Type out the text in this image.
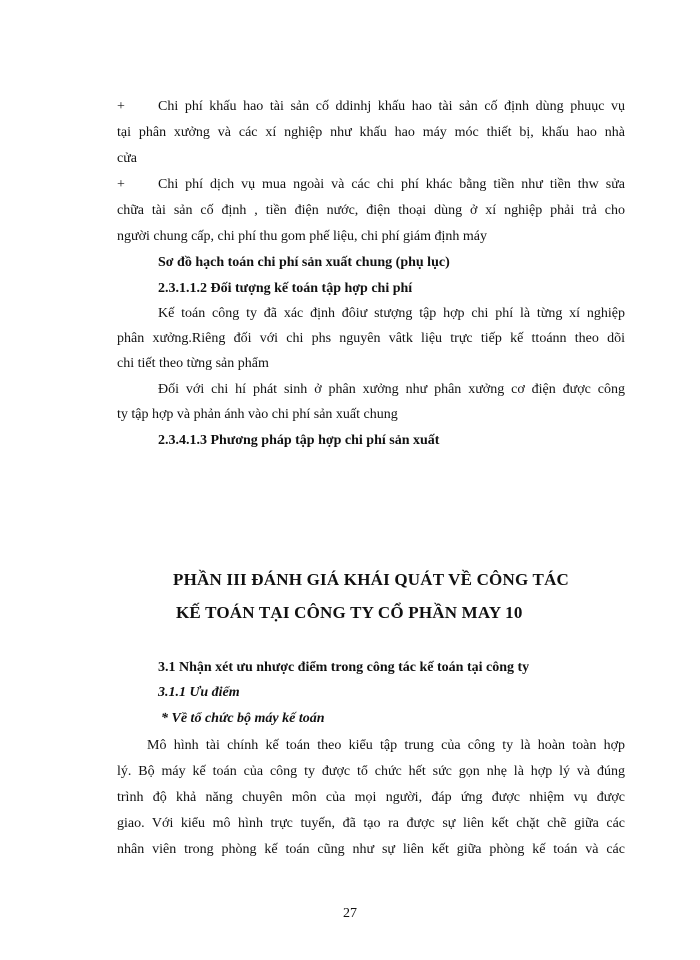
+ Chi phí khấu hao tài sản cố ddinhj khấu hao tài sản cố định dùng phuục vụ
tại phân xưởng và các xí nghiệp như khấu hao máy móc thiết bị, khấu hao nhà
cửa
+ Chi phí dịch vụ mua ngoài và các chi phí khác bằng tiền như tiền thw sửa
chữa tài sản cố định , tiền điện nước, điện thoại dùng ở xí nghiệp phải trả cho
người chung cấp, chi phí thu gom phế liệu, chi phí giám định máy
Sơ đồ hạch toán chi phí sản xuất chung (phụ lục)
2.3.1.1.2 Đối tượng kế toán tập hợp chi phí
Kế toán công ty đã xác định đôiư stượng tập hợp chi phí là từng xí nghiệp
phân xưởng.Riêng đối với chi phs nguyên vâtk liệu trực tiếp kế ttoánn theo dõi
chi tiết theo từng sản phẩm
Đối với chi hí phát sinh ở phân xưởng như phân xưởng cơ điện được công
ty tập hợp và phản ánh vào chi phí sản xuất chung
2.3.4.1.3 Phương pháp tập hợp chi phí sản xuất
PHẦN III ĐÁNH GIÁ KHÁI QUÁT VỀ CÔNG TÁC
KẾ TOÁN TẠI CÔNG TY CỔ PHẦN MAY 10
3.1 Nhận xét ưu nhược điểm trong công tác kế toán tại công ty
3.1.1 Ưu điểm
* Về tổ chức bộ máy kế toán
Mô hình tài chính kế toán theo kiểu tập trung của công ty là hoàn toàn hợp
lý. Bộ máy kế toán của công ty được tổ chức hết sức gọn nhẹ là hợp lý và đúng
trình độ khả năng chuyên môn của mọi người, đáp ứng được nhiệm vụ được
giao. Với kiểu mô hình trực tuyến, đã tạo ra được sự liên kết chặt chẽ giữa các
nhân viên trong phòng kế toán cũng như sự liên kết giữa phòng kế toán và các
27
